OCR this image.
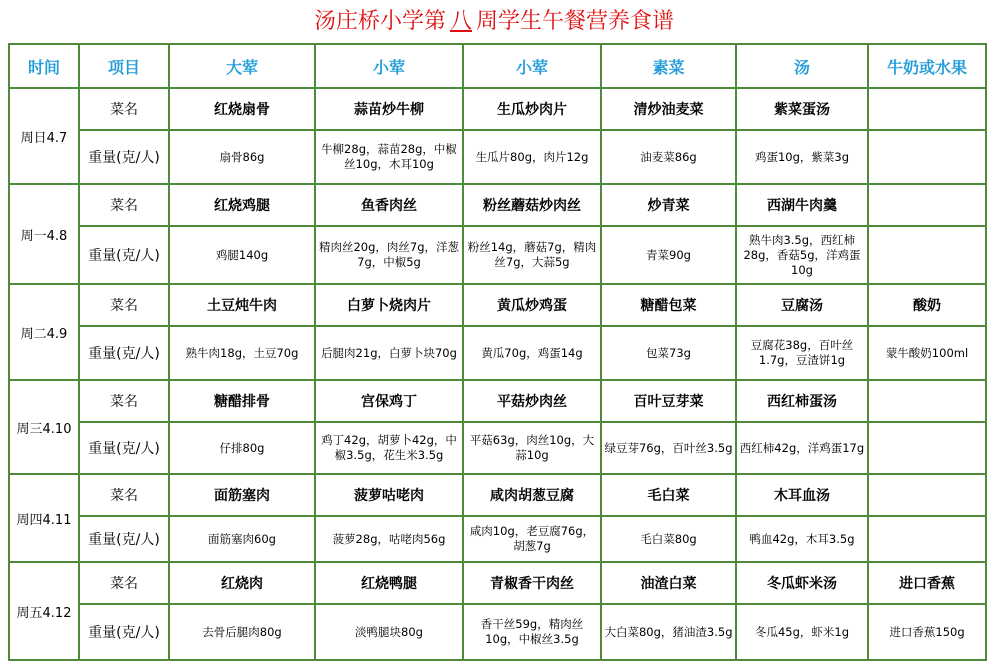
汤庄桥小学第 八 周学生午餐营养食谱
时间	项目	大荤	小荤	小荤	素菜	汤	牛奶或水果
周日4.7	菜名	红烧扇骨	蒜苗炒牛柳	生瓜炒肉片	清炒油麦菜	紫菜蛋汤	
	重量(克/人)	扇骨86g	牛柳28g，蒜苗28g，中椒丝10g，木耳10g	生瓜片80g，肉片12g	油麦菜86g	鸡蛋10g，紫菜3g	
周一4.8	菜名	红烧鸡腿	鱼香肉丝	粉丝蘑菇炒肉丝	炒青菜	西湖牛肉羹	
	重量(克/人)	鸡腿140g	精肉丝20g，肉丝7g，洋葱7g，中椒5g	粉丝14g，蘑菇7g，精肉丝7g，大蒜5g	青菜90g	熟牛肉3.5g，西红柿28g，香菇5g，洋鸡蛋10g	
周二4.9	菜名	土豆炖牛肉	白萝卜烧肉片	黄瓜炒鸡蛋	糖醋包菜	豆腐汤	酸奶
	重量(克/人)	熟牛肉18g，土豆70g	后腿肉21g，白萝卜块70g	黄瓜70g，鸡蛋14g	包菜73g	豆腐花38g，百叶丝1.7g，豆渣饼1g	蒙牛酸奶100ml
周三4.10	菜名	糖醋排骨	宫保鸡丁	平菇炒肉丝	百叶豆芽菜	西红柿蛋汤	
	重量(克/人)	仔排80g	鸡丁42g，胡萝卜42g，中椒3.5g，花生米3.5g	平菇63g，肉丝10g，大蒜10g	绿豆芽76g，百叶丝3.5g	西红柿42g，洋鸡蛋17g	
周四4.11	菜名	面筋塞肉	菠萝咕咾肉	咸肉胡葱豆腐	毛白菜	木耳血汤	
	重量(克/人)	面筋塞肉60g	菠萝28g，咕咾肉56g	咸肉10g，老豆腐76g，胡葱7g	毛白菜80g	鸭血42g，木耳3.5g	
周五4.12	菜名	红烧肉	红烧鸭腿	青椒香干肉丝	油渣白菜	冬瓜虾米汤	进口香蕉
	重量(克/人)	去骨后腿肉80g	淡鸭腿块80g	香干丝59g，精肉丝10g，中椒丝3.5g	大白菜80g，猪油渣3.5g	冬瓜45g，虾米1g	进口香蕉150g
